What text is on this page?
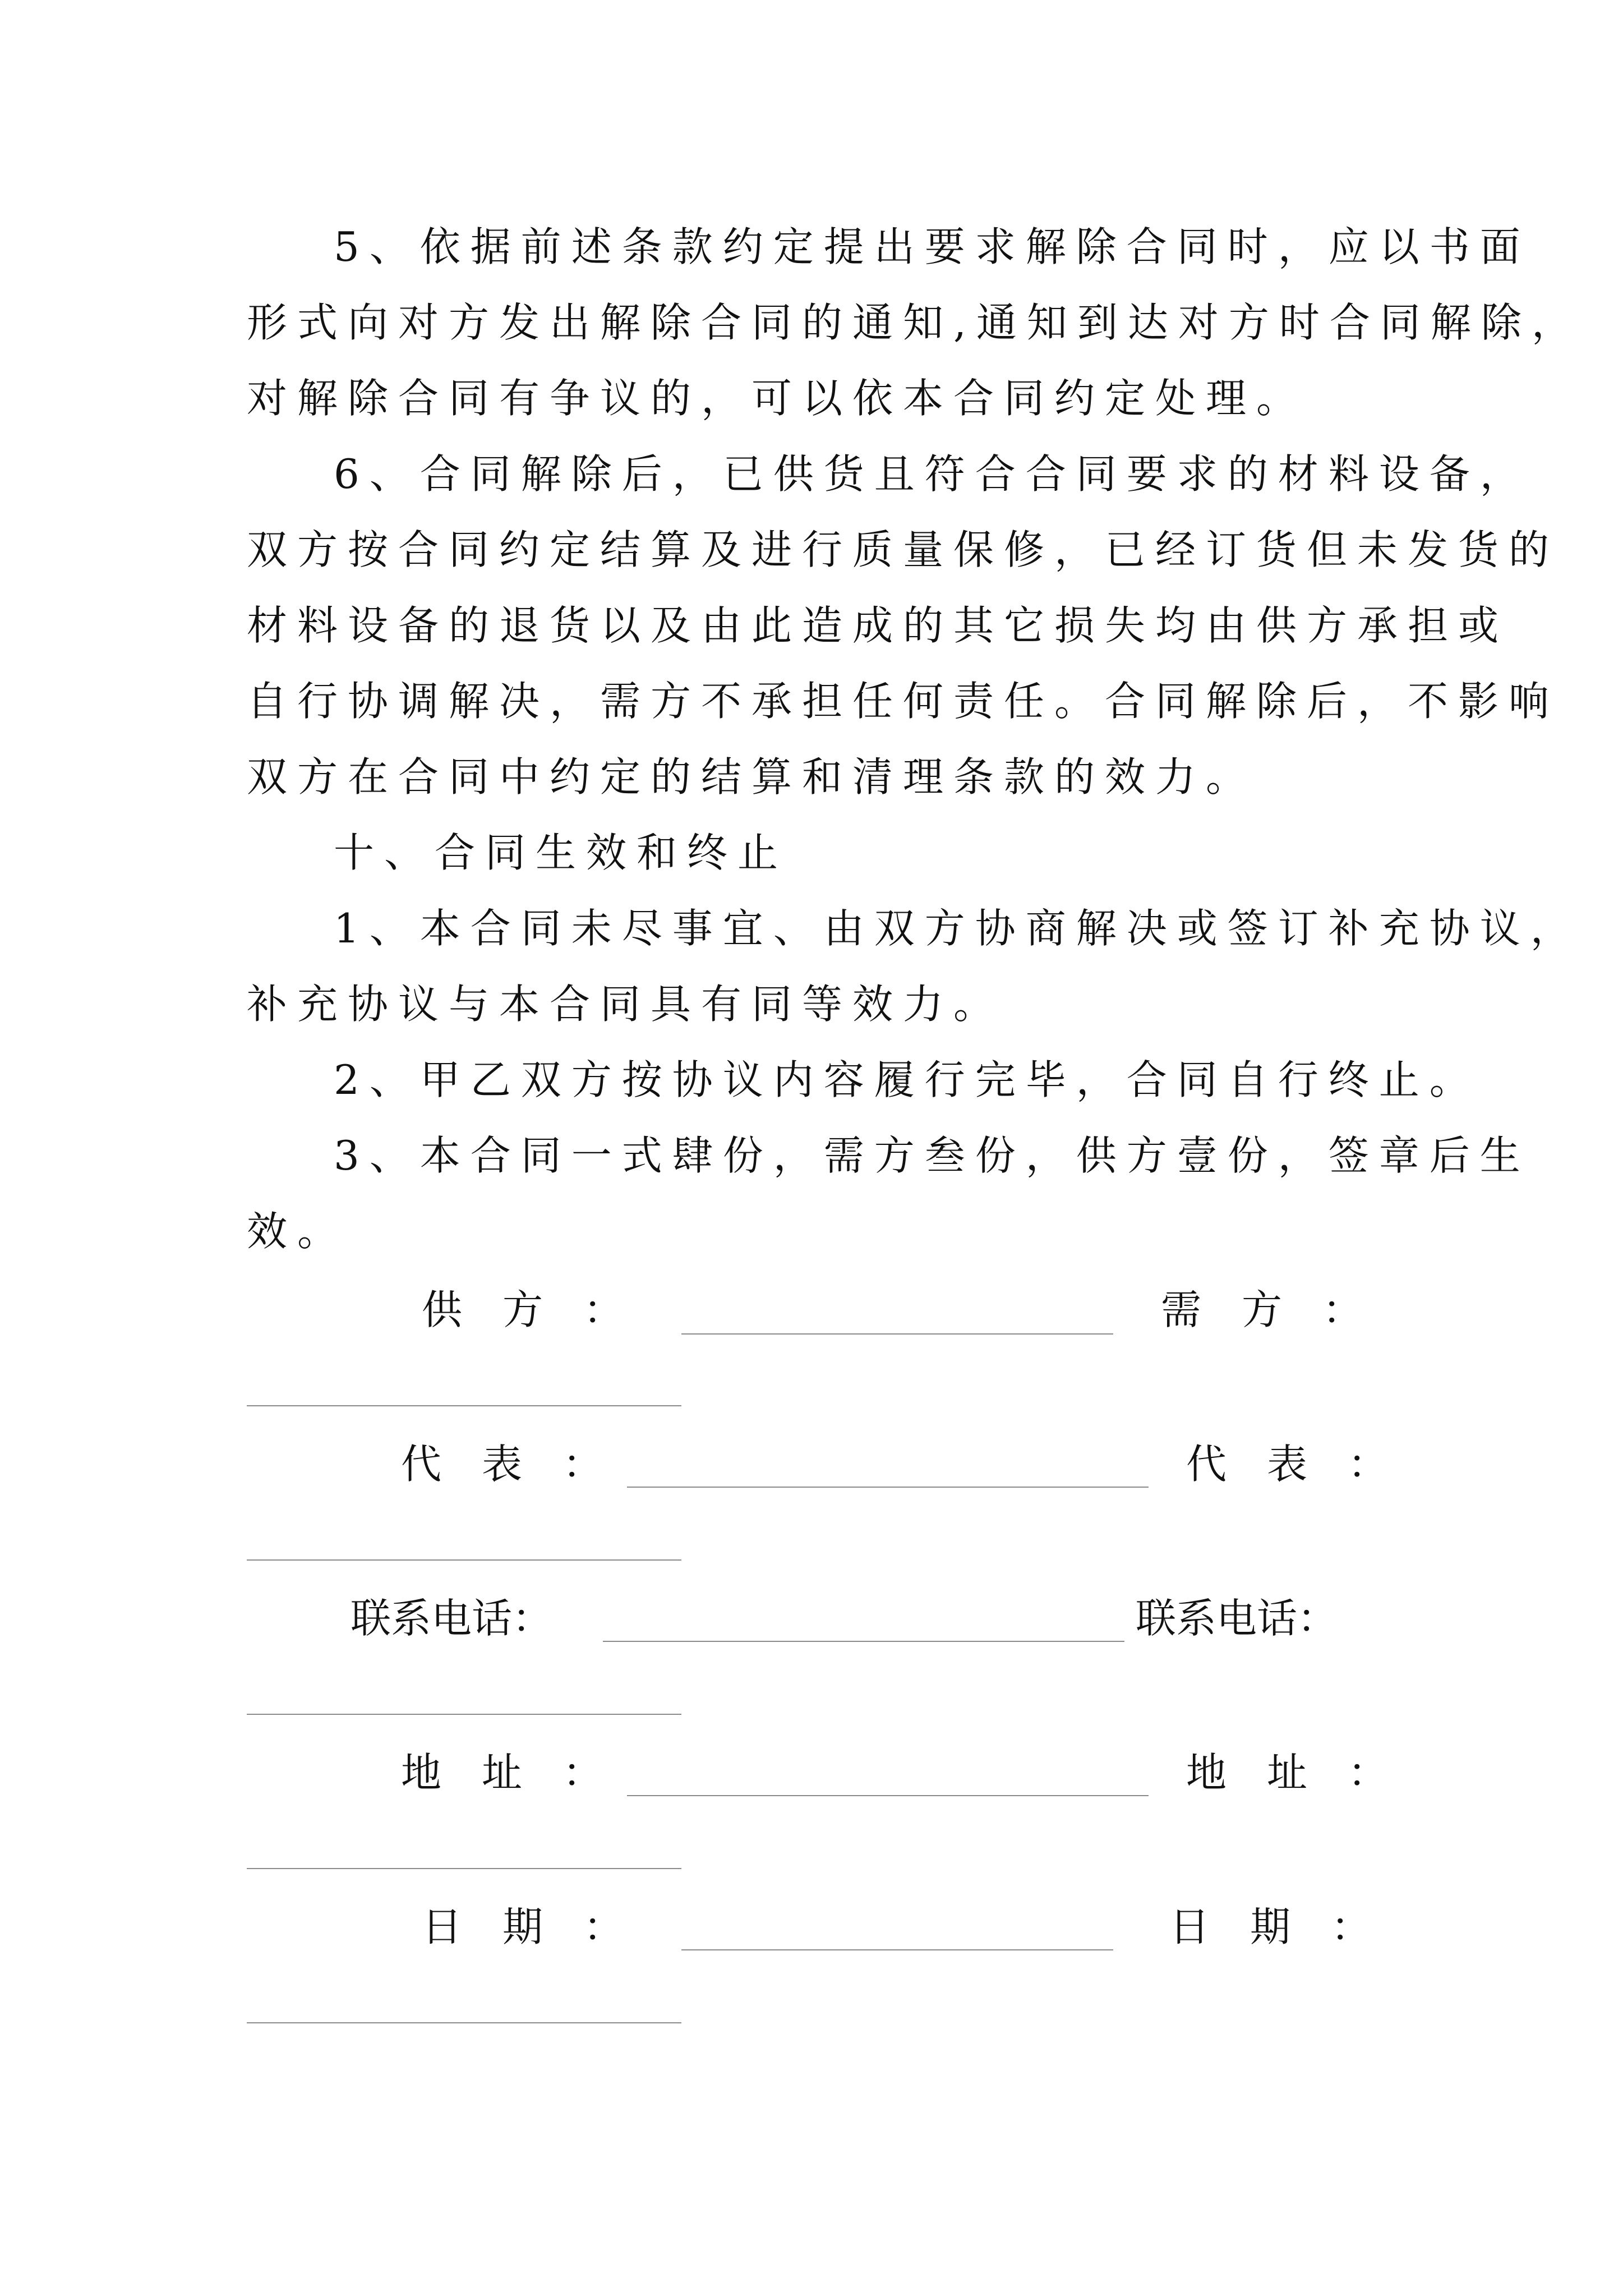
5、依据前述条款约定提出要求解除合同时，应以书面
形式向对方发出解除合同的通知,通知到达对方时合同解除，
对解除合同有争议的，可以依本合同约定处理。
6、合同解除后，已供货且符合合同要求的材料设备，
双方按合同约定结算及进行质量保修，已经订货但未发货的
材料设备的退货以及由此造成的其它损失均由供方承担或
自行协调解决，需方不承担任何责任。合同解除后，不影响
双方在合同中约定的结算和清理条款的效力。
十、合同生效和终止
1、本合同未尽事宜、由双方协商解决或签订补充协议，
补充协议与本合同具有同等效力。
2、甲乙双方按协议内容履行完毕，合同自行终止。
3、本合同一式肆份，需方叁份，供方壹份，签章后生
效。
供　方　：	需　方　：
代　表　：	代　表　：
联系电话：	联系电话：
地　址　：	地　址　：
日　期　：	日　期　：
